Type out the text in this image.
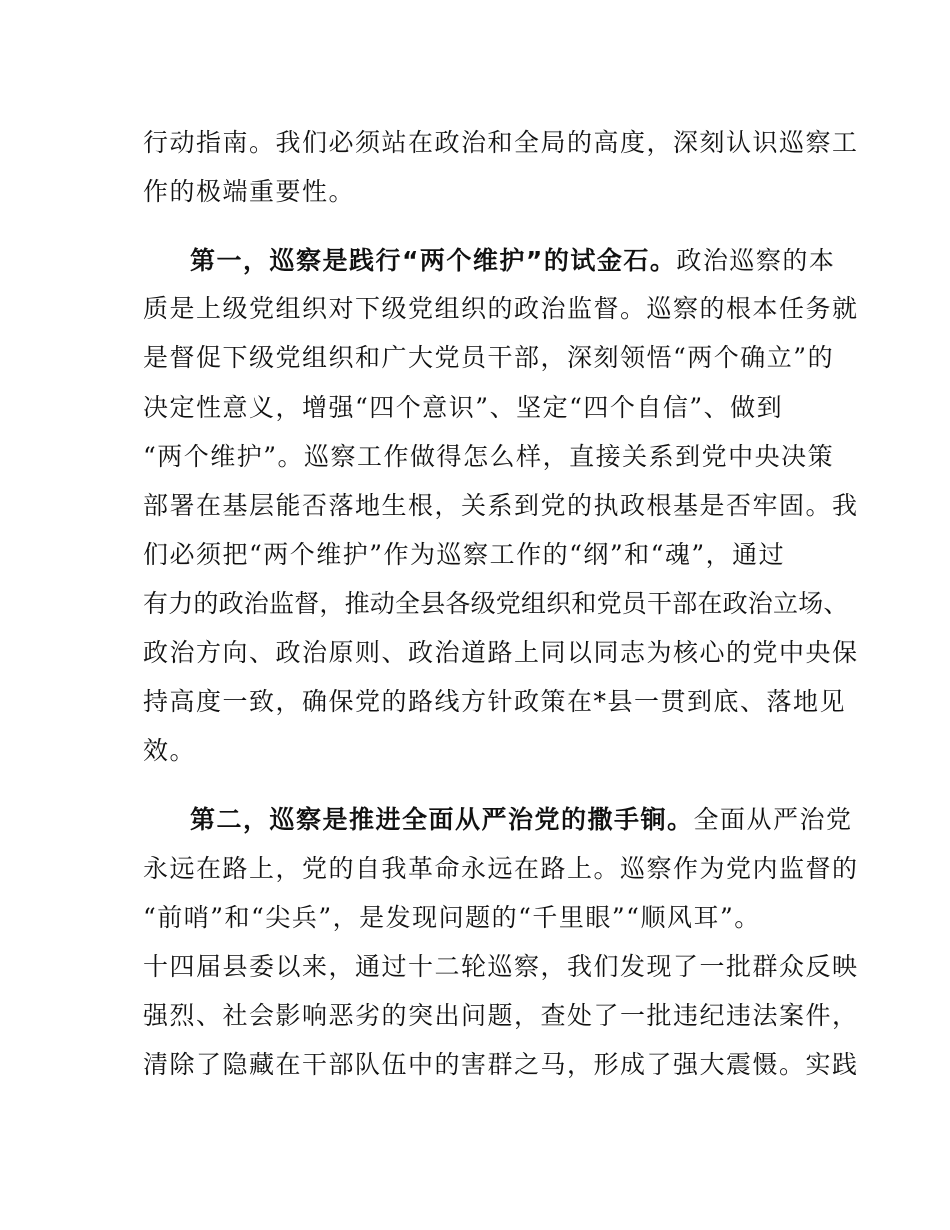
行动指南。我们必须站在政治和全局的高度，深刻认识巡察工
作的极端重要性。
第一，巡察是践行“两个维护”的试金石。政治巡察的本
质是上级党组织对下级党组织的政治监督。巡察的根本任务就
是督促下级党组织和广大党员干部，深刻领悟“两个确立”的
决定性意义，增强“四个意识”、坚定“四个自信”、做到
“两个维护”。巡察工作做得怎么样，直接关系到党中央决策
部署在基层能否落地生根，关系到党的执政根基是否牢固。我
们必须把“两个维护”作为巡察工作的“纲”和“魂”，通过
有力的政治监督，推动全县各级党组织和党员干部在政治立场、
政治方向、政治原则、政治道路上同以同志为核心的党中央保
持高度一致，确保党的路线方针政策在*县一贯到底、落地见
效。
第二，巡察是推进全面从严治党的撒手锏。全面从严治党
永远在路上，党的自我革命永远在路上。巡察作为党内监督的
“前哨”和“尖兵”，是发现问题的“千里眼”“顺风耳”。
十四届县委以来，通过十二轮巡察，我们发现了一批群众反映
强烈、社会影响恶劣的突出问题，查处了一批违纪违法案件，
清除了隐藏在干部队伍中的害群之马，形成了强大震慑。实践
